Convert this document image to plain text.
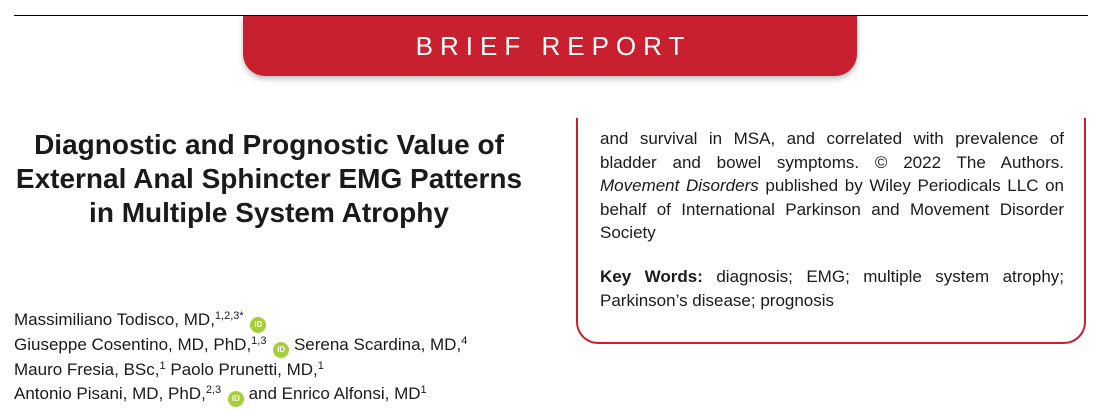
BRIEF REPORT
Diagnostic and Prognostic Value of External Anal Sphincter EMG Patterns in Multiple System Atrophy
Massimiliano Todisco, MD,$^{1,2,3*}$ iD
Giuseppe Cosentino, MD, PhD,$^{1,3}$ iD Serena Scardina, MD,$^4$
Mauro Fresia, BSc,$^1$ Paolo Prunetti, MD,$^1$
Antonio Pisani, MD, PhD,$^{2,3}$ iD and Enrico Alfonsi, $MD^1$
and survival in MSA, and correlated with prevalence of bladder and bowel symptoms. © 2022 The Authors. Movement Disorders published by Wiley Periodicals LLC on behalf of International Parkinson and Movement Disorder Society
Key Words: diagnosis; EMG; multiple system atrophy; Parkinson’s disease; prognosis
